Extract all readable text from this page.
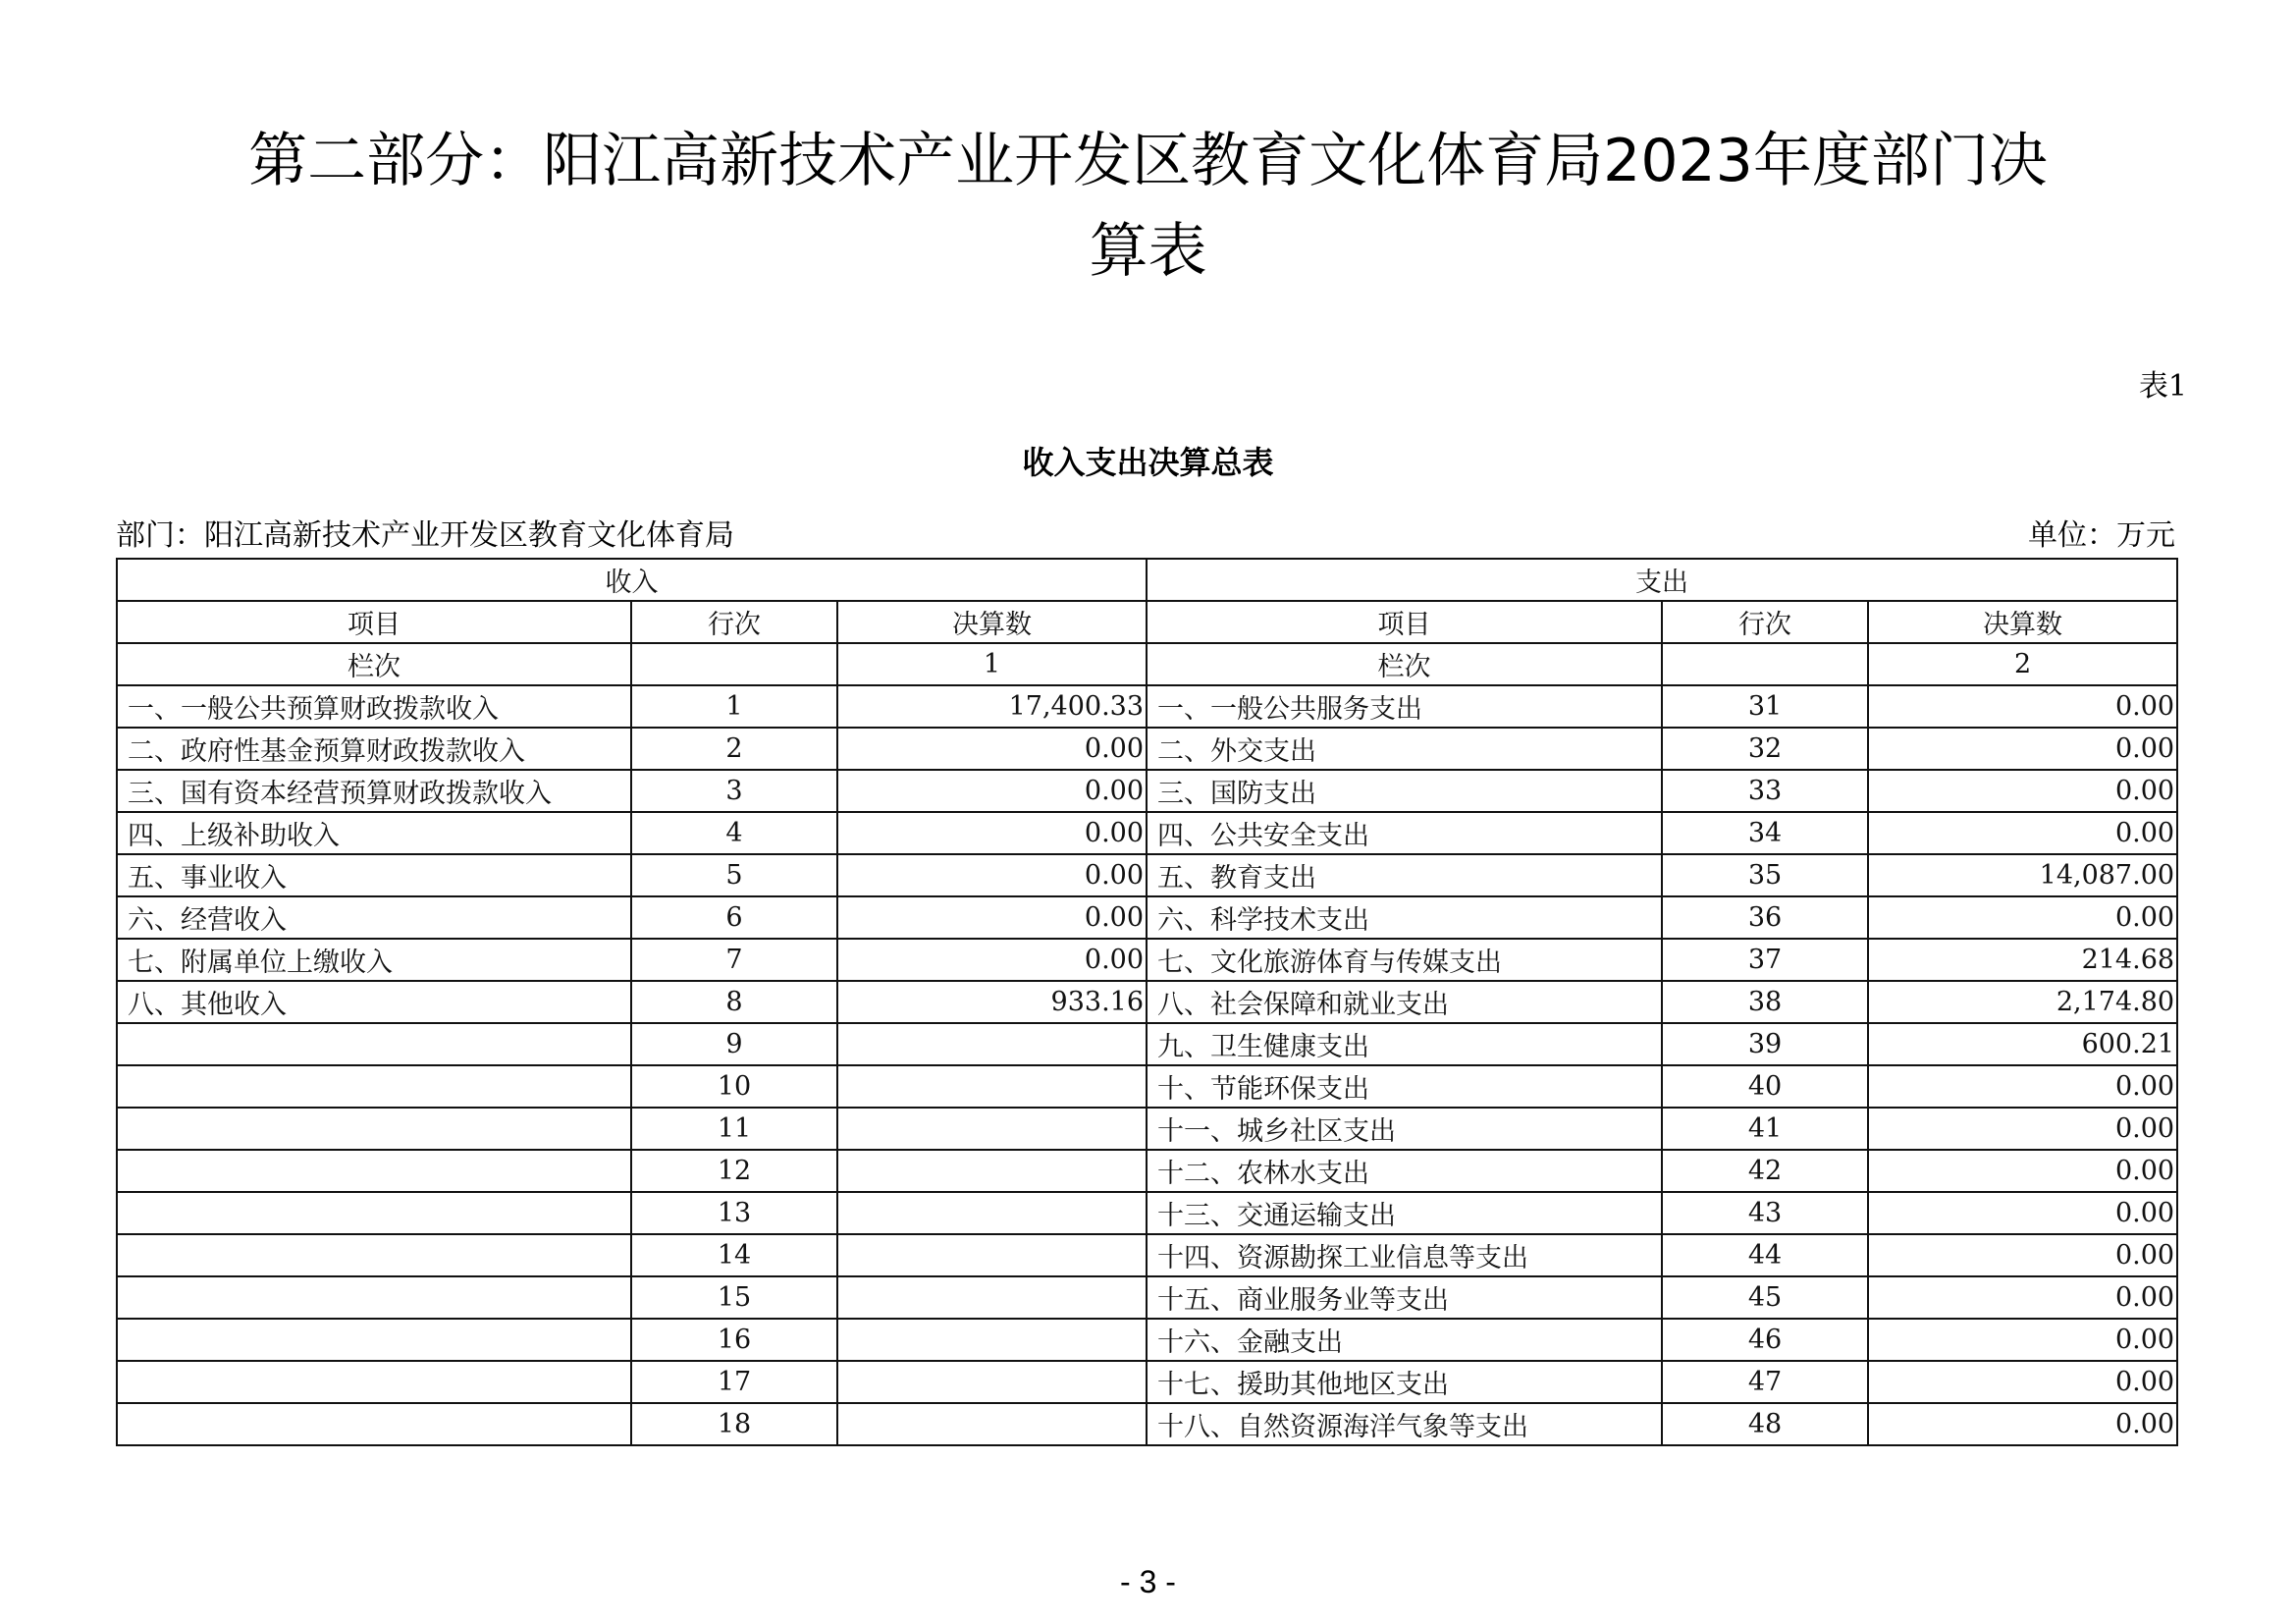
第二部分：阳江高新技术产业开发区教育文化体育局2023年度部门决
算表
表1
收入支出决算总表
部门：阳江高新技术产业开发区教育文化体育局	单位：万元
收入			支出		
项目	行次	决算数	项目	行次	决算数
栏次		1	栏次		2
一、一般公共预算财政拨款收入	1	17,400.33	一、一般公共服务支出	31	0.00
二、政府性基金预算财政拨款收入	2	0.00	二、外交支出	32	0.00
三、国有资本经营预算财政拨款收入	3	0.00	三、国防支出	33	0.00
四、上级补助收入	4	0.00	四、公共安全支出	34	0.00
五、事业收入	5	0.00	五、教育支出	35	14,087.00
六、经营收入	6	0.00	六、科学技术支出	36	0.00
七、附属单位上缴收入	7	0.00	七、文化旅游体育与传媒支出	37	214.68
八、其他收入	8	933.16	八、社会保障和就业支出	38	2,174.80
	9		九、卫生健康支出	39	600.21
	10		十、节能环保支出	40	0.00
	11		十一、城乡社区支出	41	0.00
	12		十二、农林水支出	42	0.00
	13		十三、交通运输支出	43	0.00
	14		十四、资源勘探工业信息等支出	44	0.00
	15		十五、商业服务业等支出	45	0.00
	16		十六、金融支出	46	0.00
	17		十七、援助其他地区支出	47	0.00
	18		十八、自然资源海洋气象等支出	48	0.00
- 3 -
